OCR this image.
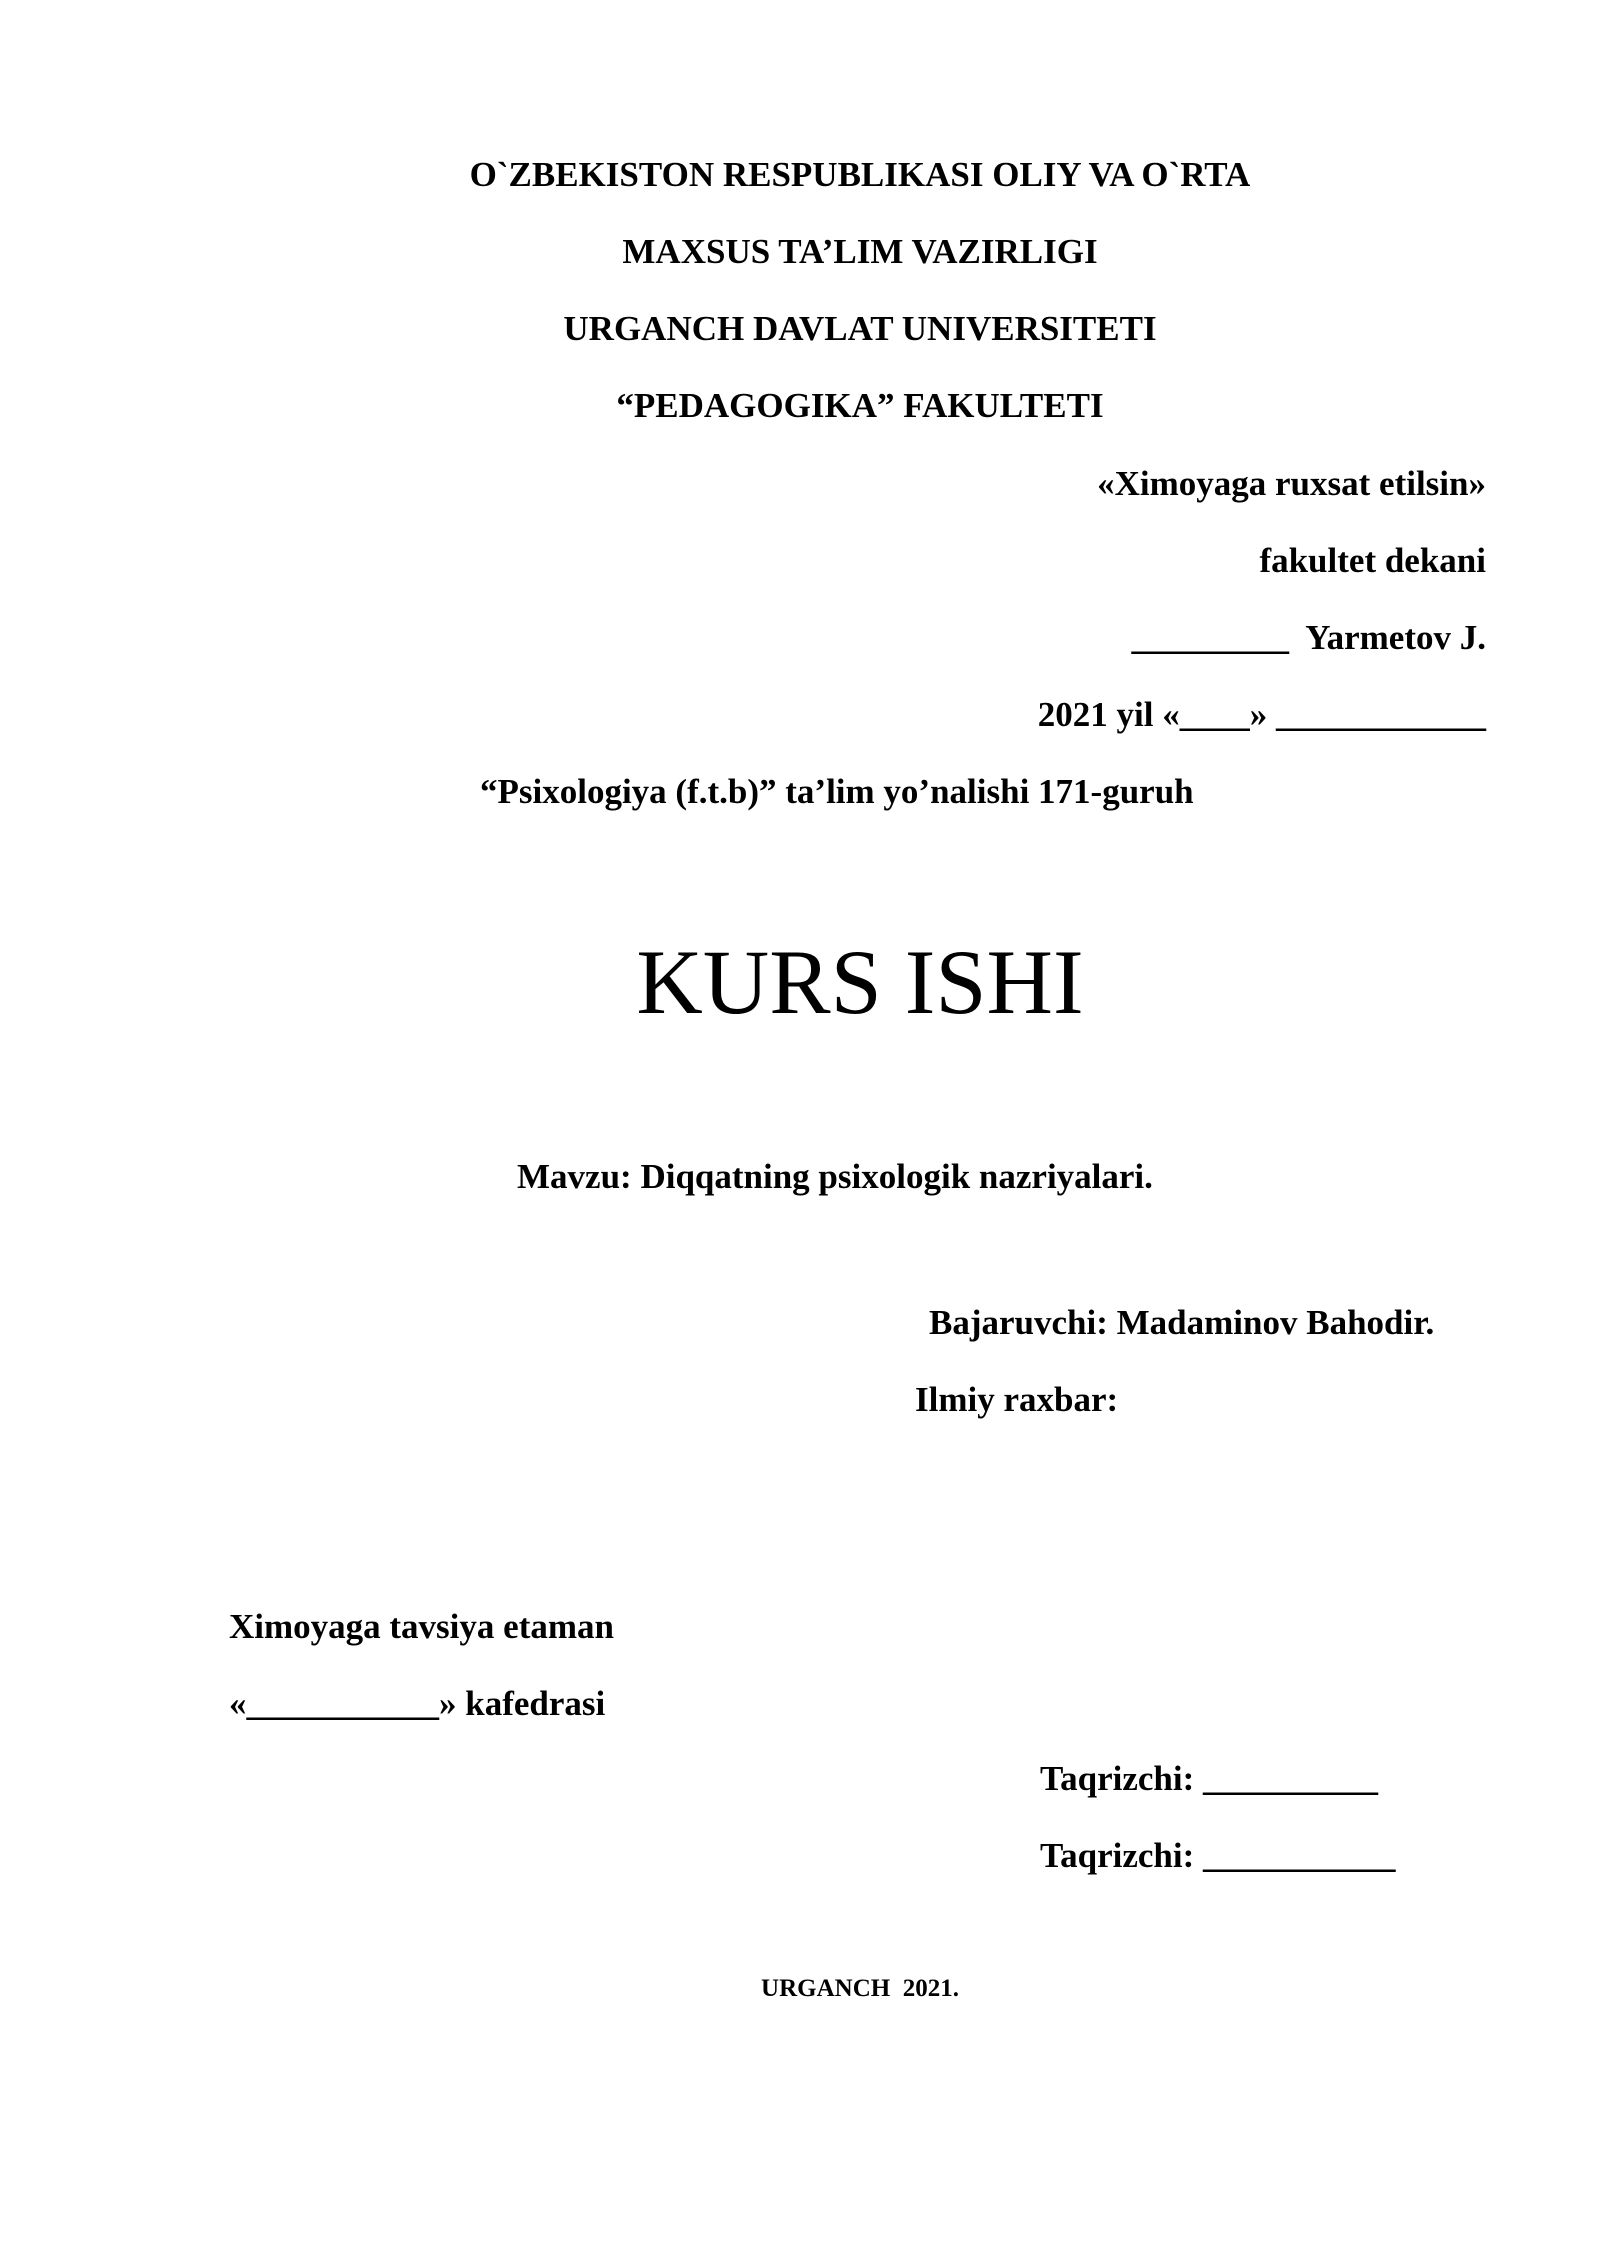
O`ZBEKISTON RESPUBLIKASI OLIY VA O`RTA
MAXSUS TA’LIM VAZIRLIGI
URGANCH DAVLAT UNIVERSITETI
“PEDAGOGIKA” FAKULTETI
«Ximoyaga ruxsat etilsin»
fakultet dekani
_________  Yarmetov J.
2021 yil «____» ____________
“Psixologiya (f.t.b)” ta’lim yo’nalishi 171-guruh
KURS ISHI
Mavzu: Diqqatning psixologik nazriyalari.
Bajaruvchi: Madaminov Bahodir.
Ilmiy raxbar:
Ximoyaga tavsiya etaman
«___________» kafedrasi
Taqrizchi: __________
Taqrizchi: ___________
URGANCH  2021.
